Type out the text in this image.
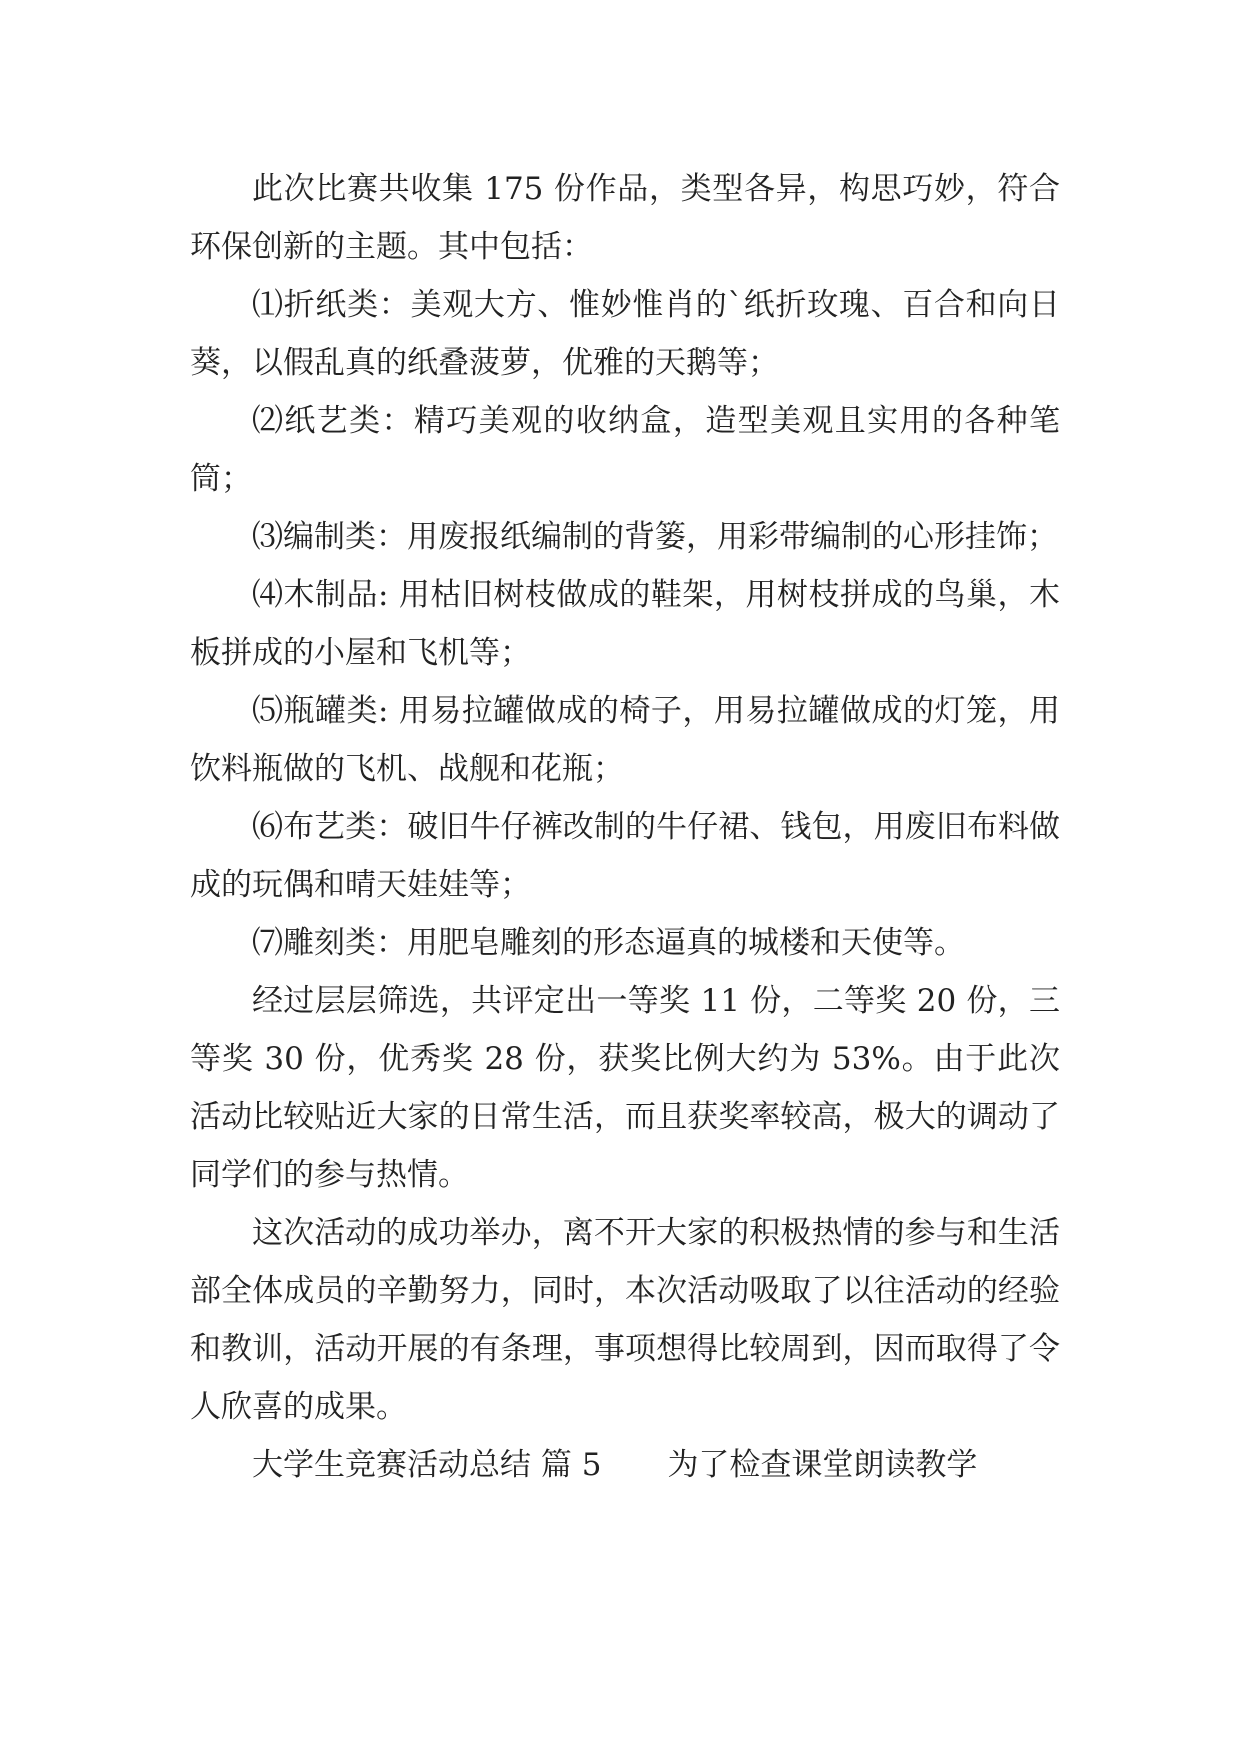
此次比赛共收集 175 份作品，类型各异，构思巧妙，符合环保创新的主题。其中包括：

⑴折纸类：美观大方、惟妙惟肖的`纸折玫瑰、百合和向日葵，以假乱真的纸叠菠萝，优雅的天鹅等；

⑵纸艺类：精巧美观的收纳盒，造型美观且实用的各种笔筒；

⑶编制类：用废报纸编制的背篓，用彩带编制的心形挂饰；

⑷木制品: 用枯旧树枝做成的鞋架，用树枝拼成的鸟巢，木板拼成的小屋和飞机等；

⑸瓶罐类: 用易拉罐做成的椅子，用易拉罐做成的灯笼，用饮料瓶做的飞机、战舰和花瓶；

⑹布艺类：破旧牛仔裤改制的牛仔裙、钱包，用废旧布料做成的玩偶和晴天娃娃等；

⑺雕刻类：用肥皂雕刻的形态逼真的城楼和天使等。

经过层层筛选，共评定出一等奖 11 份，二等奖 20 份，三等奖 30 份，优秀奖 28 份，获奖比例大约为 53%。由于此次活动比较贴近大家的日常生活，而且获奖率较高，极大的调动了同学们的参与热情。

这次活动的成功举办，离不开大家的积极热情的参与和生活部全体成员的辛勤努力，同时，本次活动吸取了以往活动的经验和教训，活动开展的有条理，事项想得比较周到，因而取得了令人欣喜的成果。

大学生竞赛活动总结 篇 5 为了检查课堂朗读教学
